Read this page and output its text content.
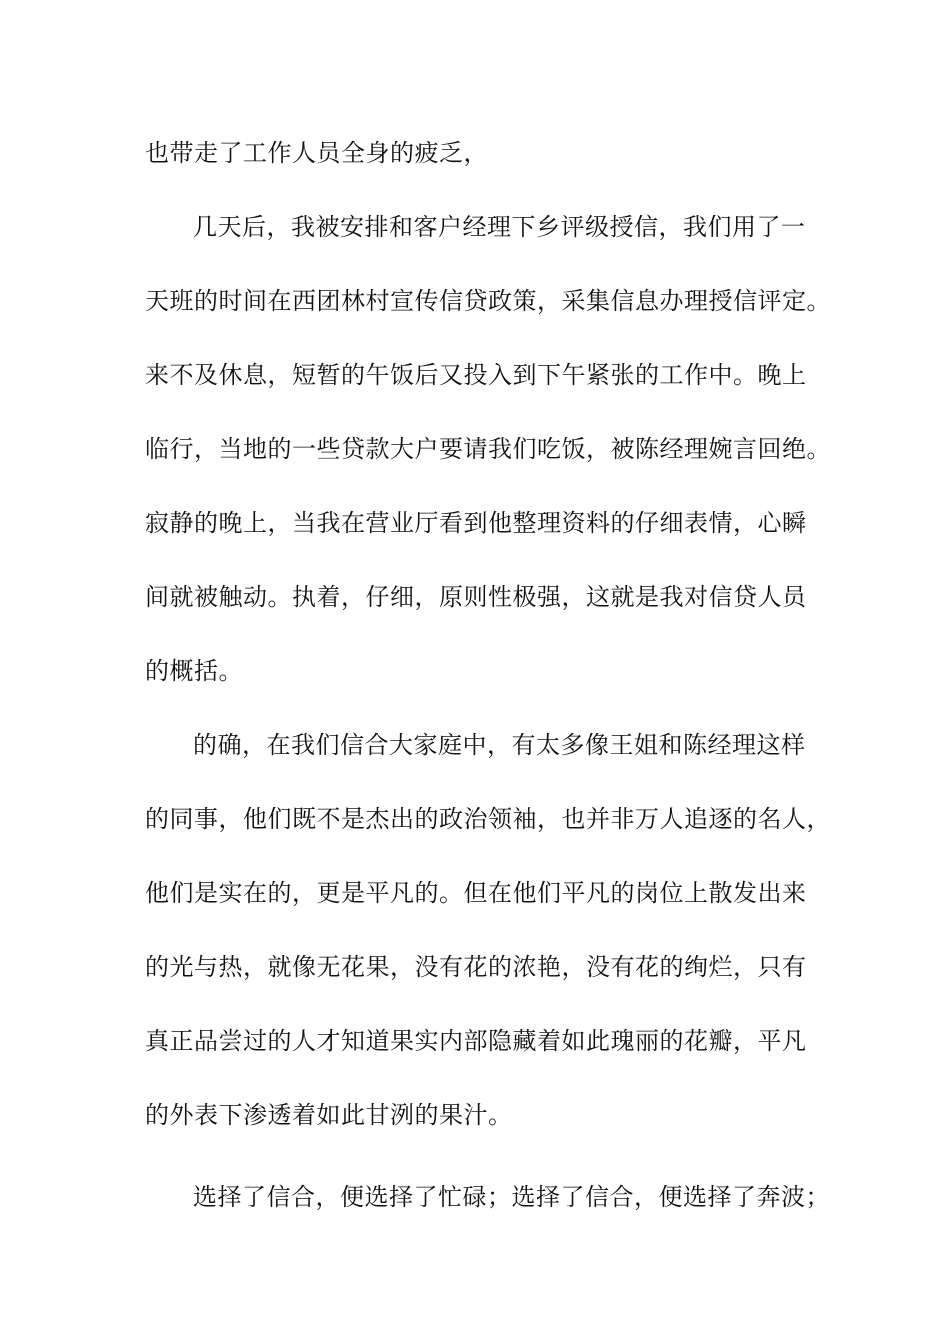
也带走了工作人员全身的疲乏，
几天后，我被安排和客户经理下乡评级授信，我们用了一
天班的时间在西团林村宣传信贷政策，采集信息办理授信评定。
来不及休息，短暂的午饭后又投入到下午紧张的工作中。晚上
临行，当地的一些贷款大户要请我们吃饭，被陈经理婉言回绝。
寂静的晚上，当我在营业厅看到他整理资料的仔细表情，心瞬
间就被触动。执着，仔细，原则性极强，这就是我对信贷人员
的概括。
的确，在我们信合大家庭中，有太多像王姐和陈经理这样
的同事，他们既不是杰出的政治领袖，也并非万人追逐的名人，
他们是实在的，更是平凡的。但在他们平凡的岗位上散发出来
的光与热，就像无花果，没有花的浓艳，没有花的绚烂，只有
真正品尝过的人才知道果实内部隐藏着如此瑰丽的花瓣，平凡
的外表下渗透着如此甘洌的果汁。
选择了信合，便选择了忙碌；选择了信合，便选择了奔波；
